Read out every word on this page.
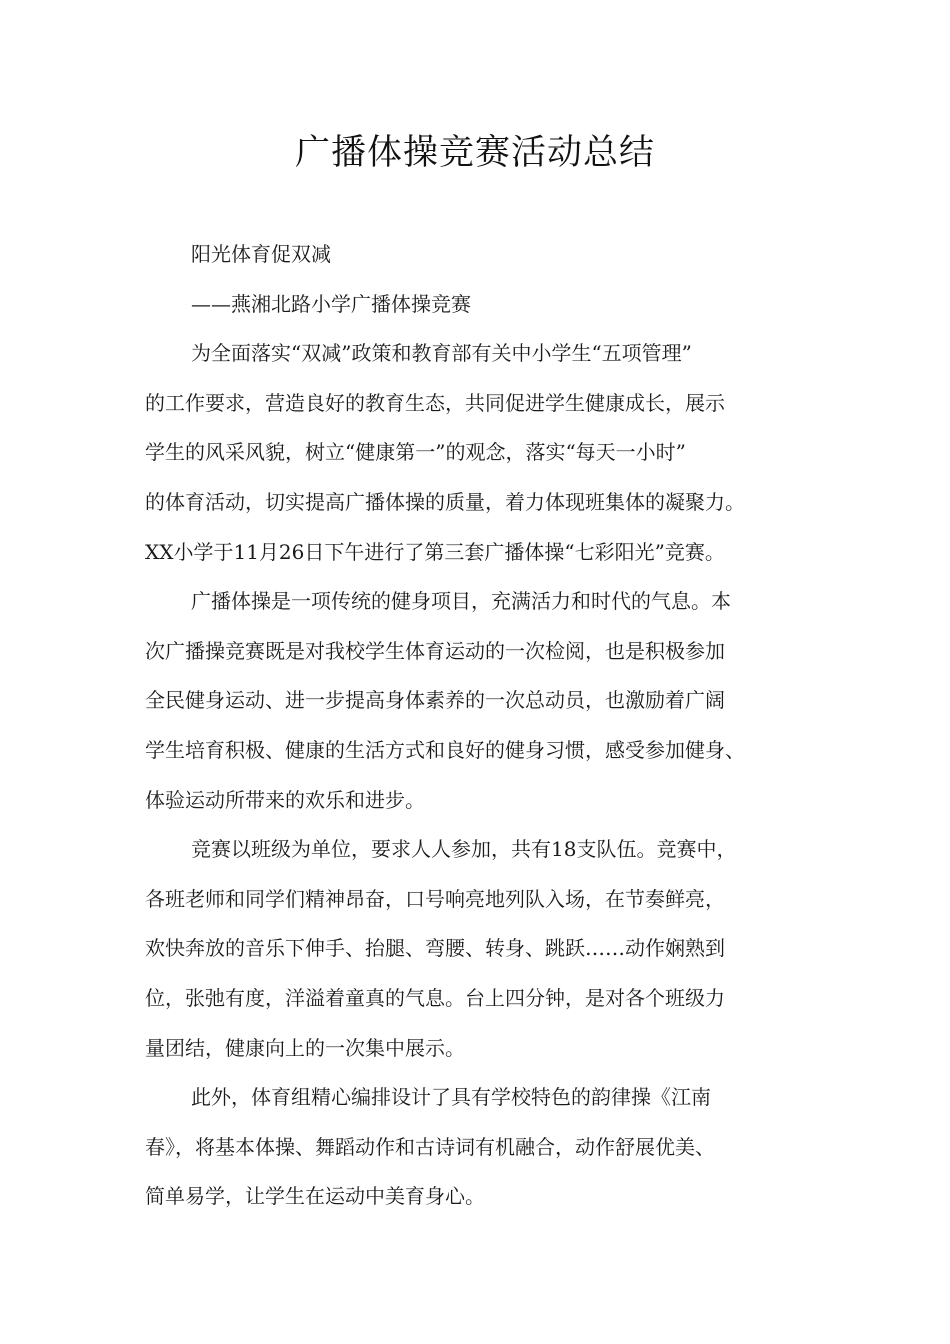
广播体操竞赛活动总结

阳光体育促双减
——燕湘北路小学广播体操竞赛

为全面落实“双减”政策和教育部有关中小学生“五项管理”
的工作要求，营造良好的教育生态，共同促进学生健康成长，展示
学生的风采风貌，树立“健康第一”的观念，落实“每天一小时”
的体育活动，切实提高广播体操的质量，着力体现班集体的凝聚力。
XX小学于11月26日下午进行了第三套广播体操“七彩阳光”竞赛。

广播体操是一项传统的健身项目，充满活力和时代的气息。本
次广播操竞赛既是对我校学生体育运动的一次检阅，也是积极参加
全民健身运动、进一步提高身体素养的一次总动员，也激励着广阔
学生培育积极、健康的生活方式和良好的健身习惯，感受参加健身、
体验运动所带来的欢乐和进步。

竞赛以班级为单位，要求人人参加，共有18支队伍。竞赛中，
各班老师和同学们精神昂奋，口号响亮地列队入场，在节奏鲜亮，
欢快奔放的音乐下伸手、抬腿、弯腰、转身、跳跃……动作娴熟到
位，张弛有度，洋溢着童真的气息。台上四分钟，是对各个班级力
量团结，健康向上的一次集中展示。

此外，体育组精心编排设计了具有学校特色的韵律操《江南
春》，将基本体操、舞蹈动作和古诗词有机融合，动作舒展优美、
简单易学，让学生在运动中美育身心。
